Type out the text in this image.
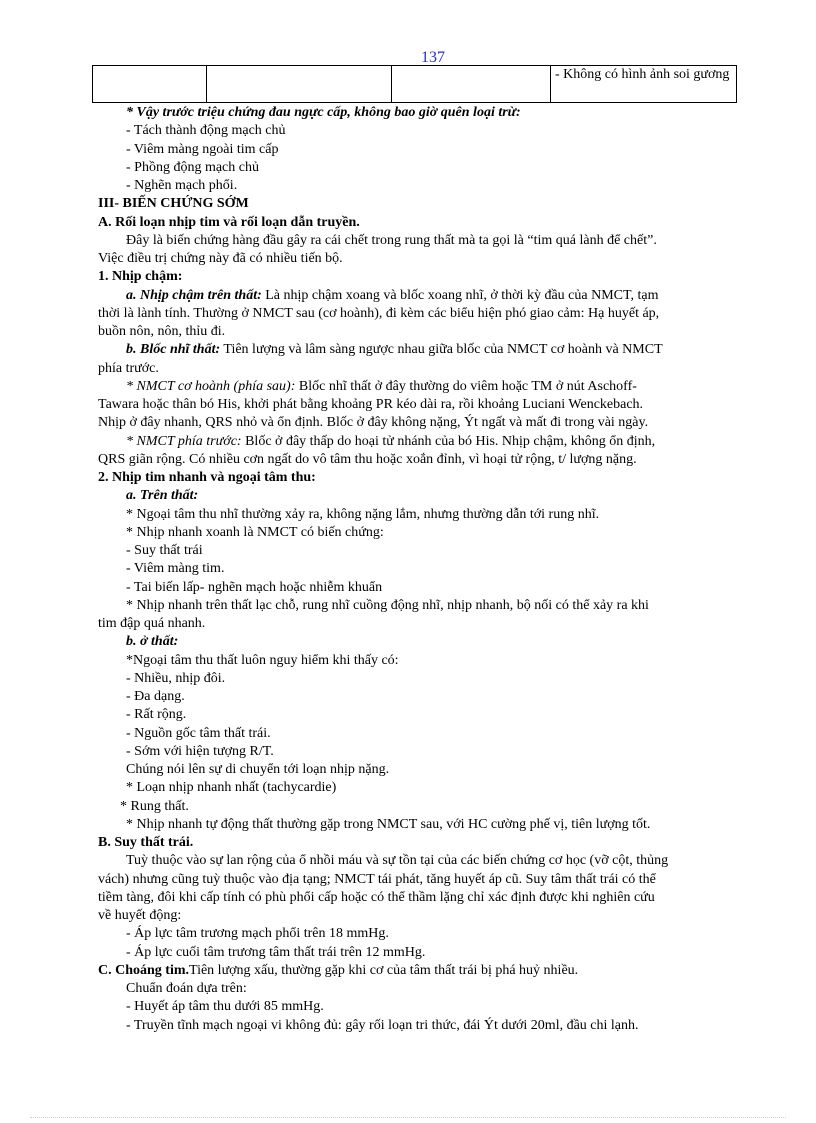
137
			- Không có hình ảnh soi gương
* Vậy trước triệu chứng đau ngực cấp, không bao giờ quên loại trừ:
- Tách thành động mạch chủ
- Viêm màng ngoài tim cấp
- Phồng động mạch chủ
- Nghẽn mạch phổi.
III- BIẾN CHỨNG SỚM
A. Rối loạn nhịp tim và rối loạn dẫn truyền.
Đây là biến chứng hàng đầu gây ra cái chết trong rung thất mà ta gọi là “tim quá lành để chết”.
Việc điều trị chứng này đã có nhiều tiến bộ.
1. Nhịp chậm:
a. Nhịp chậm trên thất: Là nhịp chậm xoang và blốc xoang nhĩ, ở thời kỳ đầu của NMCT, tạm
thời là lành tính. Thường ở NMCT sau (cơ hoành), đi kèm các biểu hiện phó giao cảm: Hạ huyết áp,
buồn nôn, nôn, thỉu đi.
b. Blốc nhĩ thất: Tiên lượng và lâm sàng ngược nhau giữa blốc của NMCT cơ hoành và NMCT
phía trước.
* NMCT cơ hoành (phía sau): Blốc nhĩ thất ở đây thường do viêm hoặc TM ở nút Aschoff-
Tawara hoặc thân bó His, khởi phát bằng khoảng PR kéo dài ra, rồi khoảng Luciani Wenckebach.
Nhịp ở đây nhanh, QRS nhỏ và ổn định. Blốc ở đây không nặng, Ýt ngất và mất đi trong vài ngày.
* NMCT phía trước: Blốc ở đây thấp do hoại tử nhánh của bó His. Nhịp chậm, không ổn định,
QRS giãn rộng. Có nhiều cơn ngất do vô tâm thu hoặc xoắn đỉnh, vì hoại tử rộng, t/ lượng nặng.
2. Nhịp tim nhanh và ngoại tâm thu:
a. Trên thất:
* Ngoại tâm thu nhĩ thường xảy ra, không nặng lắm, nhưng thường dẫn tới rung nhĩ.
* Nhịp nhanh xoanh là NMCT có biến chứng:
- Suy thất trái
- Viêm màng tim.
- Tai biến lấp- nghẽn mạch hoặc nhiễm khuẩn
* Nhịp nhanh trên thất lạc chỗ, rung nhĩ cuồng động nhĩ, nhịp nhanh, bộ nối có thể xảy ra khi
tim đập quá nhanh.
b. ở thất:
*Ngoại tâm thu thất luôn nguy hiểm khi thấy có:
- Nhiều, nhịp đôi.
- Đa dạng.
- Rất rộng.
- Nguồn gốc tâm thất trái.
- Sớm với hiện tượng R/T.
Chúng nói lên sự di chuyển tới loạn nhịp nặng.
* Loạn nhịp nhanh nhất (tachycardie)
* Rung thất.
* Nhịp nhanh tự động thất thường gặp trong NMCT sau, với HC cường phế vị, tiên lượng tốt.
B. Suy thất trái.
Tuỳ thuộc vào sự lan rộng của ổ nhồi máu và sự tồn tại của các biến chứng cơ học (vỡ cột, thủng
vách) nhưng cũng tuỳ thuộc vào địa tạng; NMCT tái phát, tăng huyết áp cũ. Suy tâm thất trái có thể
tiềm tàng, đôi khi cấp tính có phù phổi cấp hoặc có thể thầm lặng chỉ xác định được khi nghiên cứu
về huyết động:
- Áp lực tâm trương mạch phổi trên 18 mmHg.
- Áp lực cuối tâm trương tâm thất trái trên 12 mmHg.
C. Choáng tim.Tiên lượng xấu, thường gặp khi cơ của tâm thất trái bị phá huỷ nhiều.
Chuẩn đoán dựa trên:
- Huyết áp tâm thu dưới 85 mmHg.
- Truyền tĩnh mạch ngoại vi không đủ: gây rối loạn tri thức, đái Ýt dưới 20ml, đầu chi lạnh.
